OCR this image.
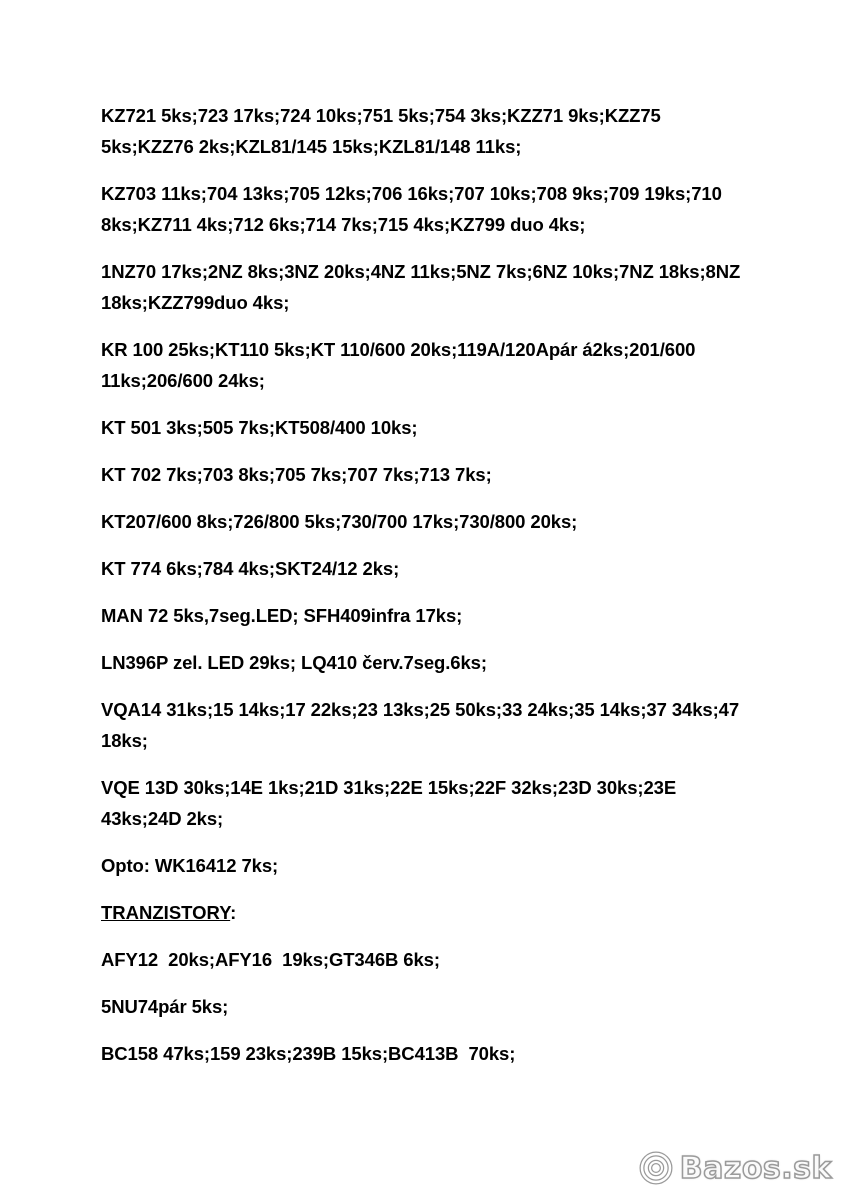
KZ721 5ks;723 17ks;724 10ks;751 5ks;754 3ks;KZZ71 9ks;KZZ75 5ks;KZZ76 2ks;KZL81/145 15ks;KZL81/148 11ks;

KZ703 11ks;704 13ks;705 12ks;706 16ks;707 10ks;708 9ks;709 19ks;710 8ks;KZ711 4ks;712 6ks;714 7ks;715 4ks;KZ799 duo 4ks;

1NZ70 17ks;2NZ 8ks;3NZ 20ks;4NZ 11ks;5NZ 7ks;6NZ 10ks;7NZ 18ks;8NZ 18ks;KZZ799duo 4ks;

KR 100 25ks;KT110 5ks;KT 110/600 20ks;119A/120Apár á2ks;201/600 11ks;206/600 24ks;

KT 501 3ks;505 7ks;KT508/400 10ks;

KT 702 7ks;703 8ks;705 7ks;707 7ks;713 7ks;

KT207/600 8ks;726/800 5ks;730/700 17ks;730/800 20ks;

KT 774 6ks;784 4ks;SKT24/12 2ks;

MAN 72 5ks,7seg.LED; SFH409infra 17ks;

LN396P zel. LED 29ks; LQ410 červ.7seg.6ks;

VQA14 31ks;15 14ks;17 22ks;23 13ks;25 50ks;33 24ks;35 14ks;37 34ks;47 18ks;

VQE 13D 30ks;14E 1ks;21D 31ks;22E 15ks;22F 32ks;23D 30ks;23E 43ks;24D 2ks;

Opto: WK16412 7ks;

TRANZISTORY:

AFY12  20ks;AFY16  19ks;GT346B 6ks;

5NU74pár 5ks;

BC158 47ks;159 23ks;239B 15ks;BC413B  70ks;

Bazos.sk
